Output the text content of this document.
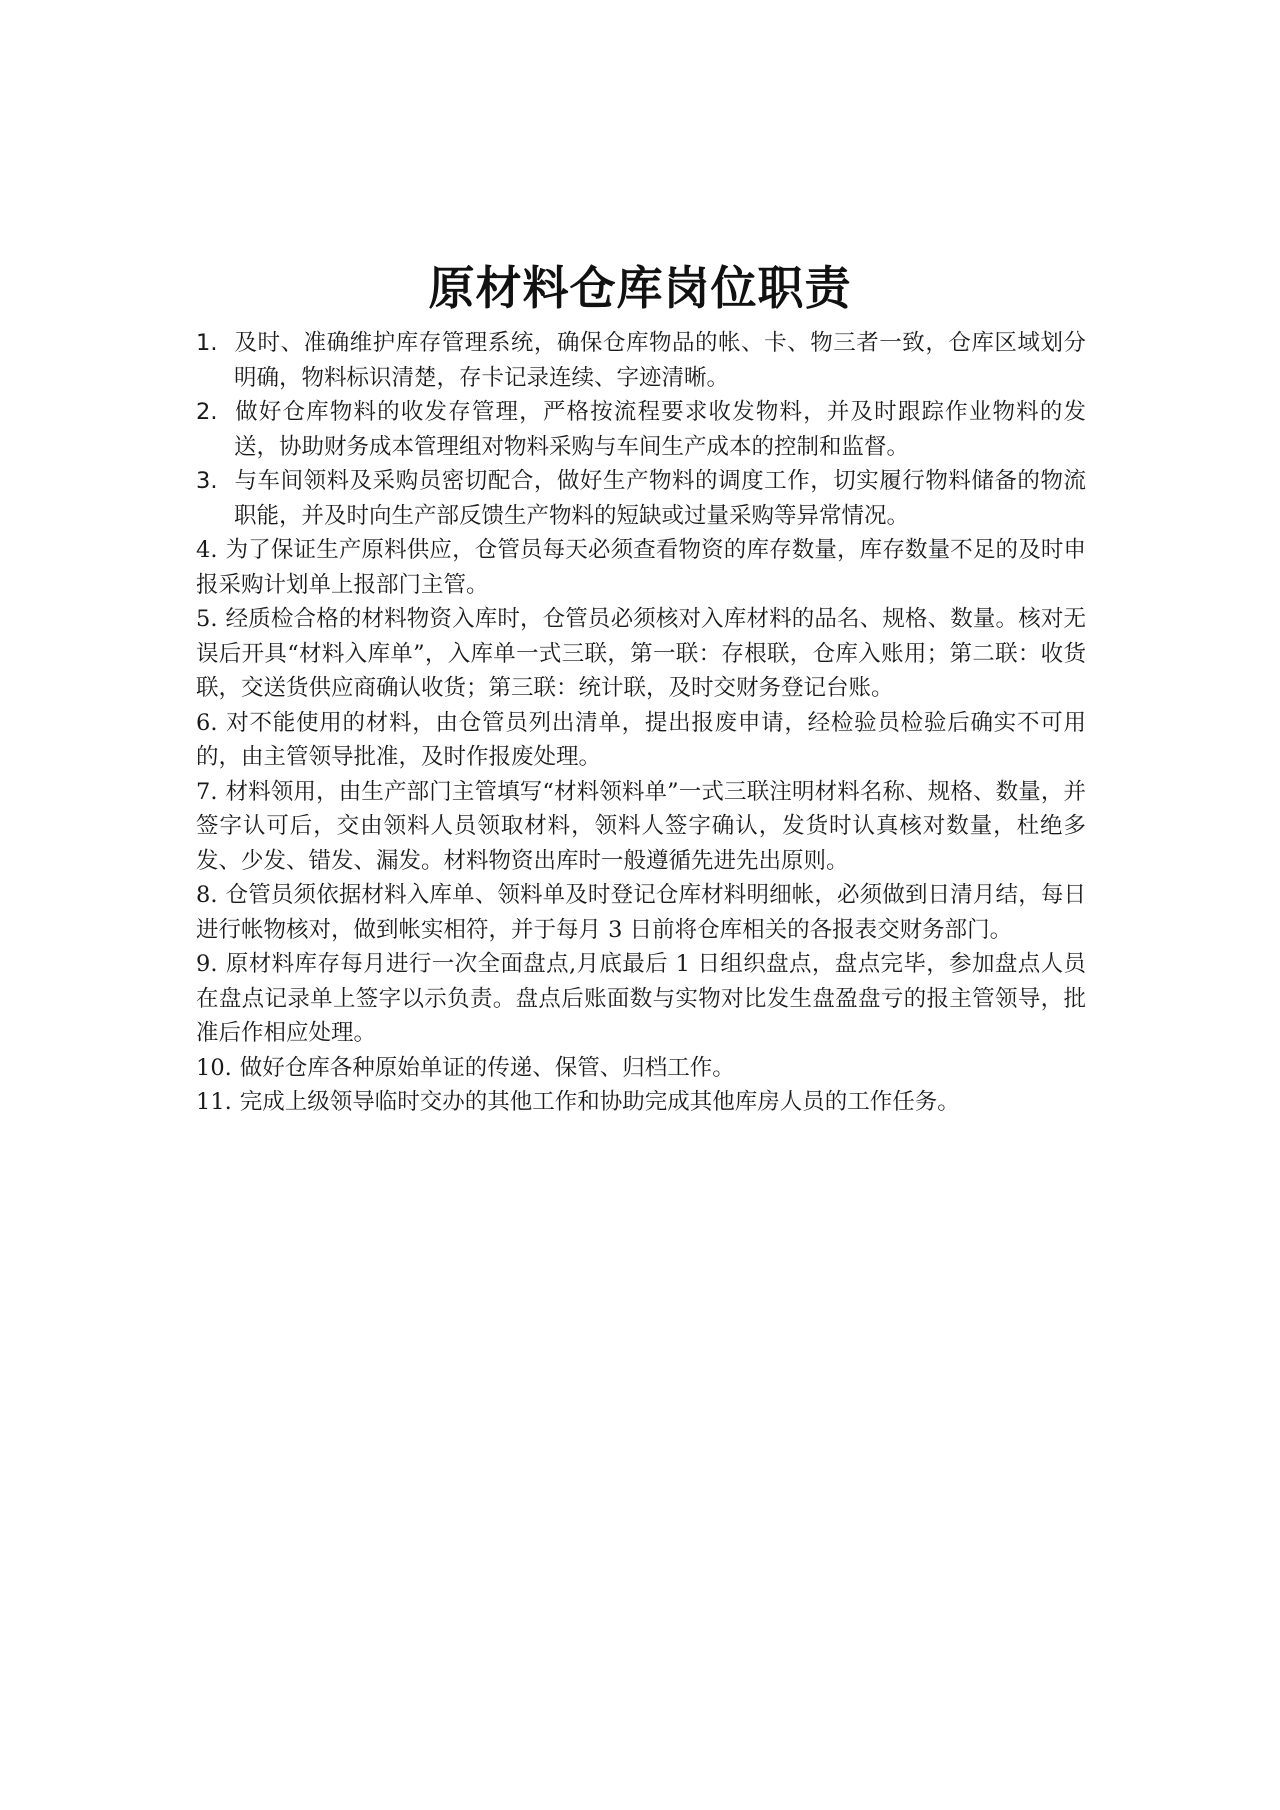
原材料仓库岗位职责

1. 及时、准确维护库存管理系统，确保仓库物品的帐、卡、物三者一致，仓库区域划分明确，物料标识清楚，存卡记录连续、字迹清晰。

2. 做好仓库物料的收发存管理，严格按流程要求收发物料，并及时跟踪作业物料的发送，协助财务成本管理组对物料采购与车间生产成本的控制和监督。

3. 与车间领料及采购员密切配合，做好生产物料的调度工作，切实履行物料储备的物流职能，并及时向生产部反馈生产物料的短缺或过量采购等异常情况。

4. 为了保证生产原料供应，仓管员每天必须查看物资的库存数量，库存数量不足的及时申报采购计划单上报部门主管。

5. 经质检合格的材料物资入库时，仓管员必须核对入库材料的品名、规格、数量。核对无误后开具“材料入库单”，入库单一式三联，第一联：存根联，仓库入账用；第二联：收货联，交送货供应商确认收货；第三联：统计联，及时交财务登记台账。

6. 对不能使用的材料，由仓管员列出清单，提出报废申请，经检验员检验后确实不可用的，由主管领导批准，及时作报废处理。

7. 材料领用，由生产部门主管填写“材料领料单”一式三联注明材料名称、规格、数量，并签字认可后，交由领料人员领取材料，领料人签字确认，发货时认真核对数量，杜绝多发、少发、错发、漏发。材料物资出库时一般遵循先进先出原则。

8. 仓管员须依据材料入库单、领料单及时登记仓库材料明细帐，必须做到日清月结，每日进行帐物核对，做到帐实相符，并于每月 3 日前将仓库相关的各报表交财务部门。

9. 原材料库存每月进行一次全面盘点,月底最后 1 日组织盘点，盘点完毕，参加盘点人员在盘点记录单上签字以示负责。盘点后账面数与实物对比发生盘盈盘亏的报主管领导，批准后作相应处理。

10. 做好仓库各种原始单证的传递、保管、归档工作。

11. 完成上级领导临时交办的其他工作和协助完成其他库房人员的工作任务。
